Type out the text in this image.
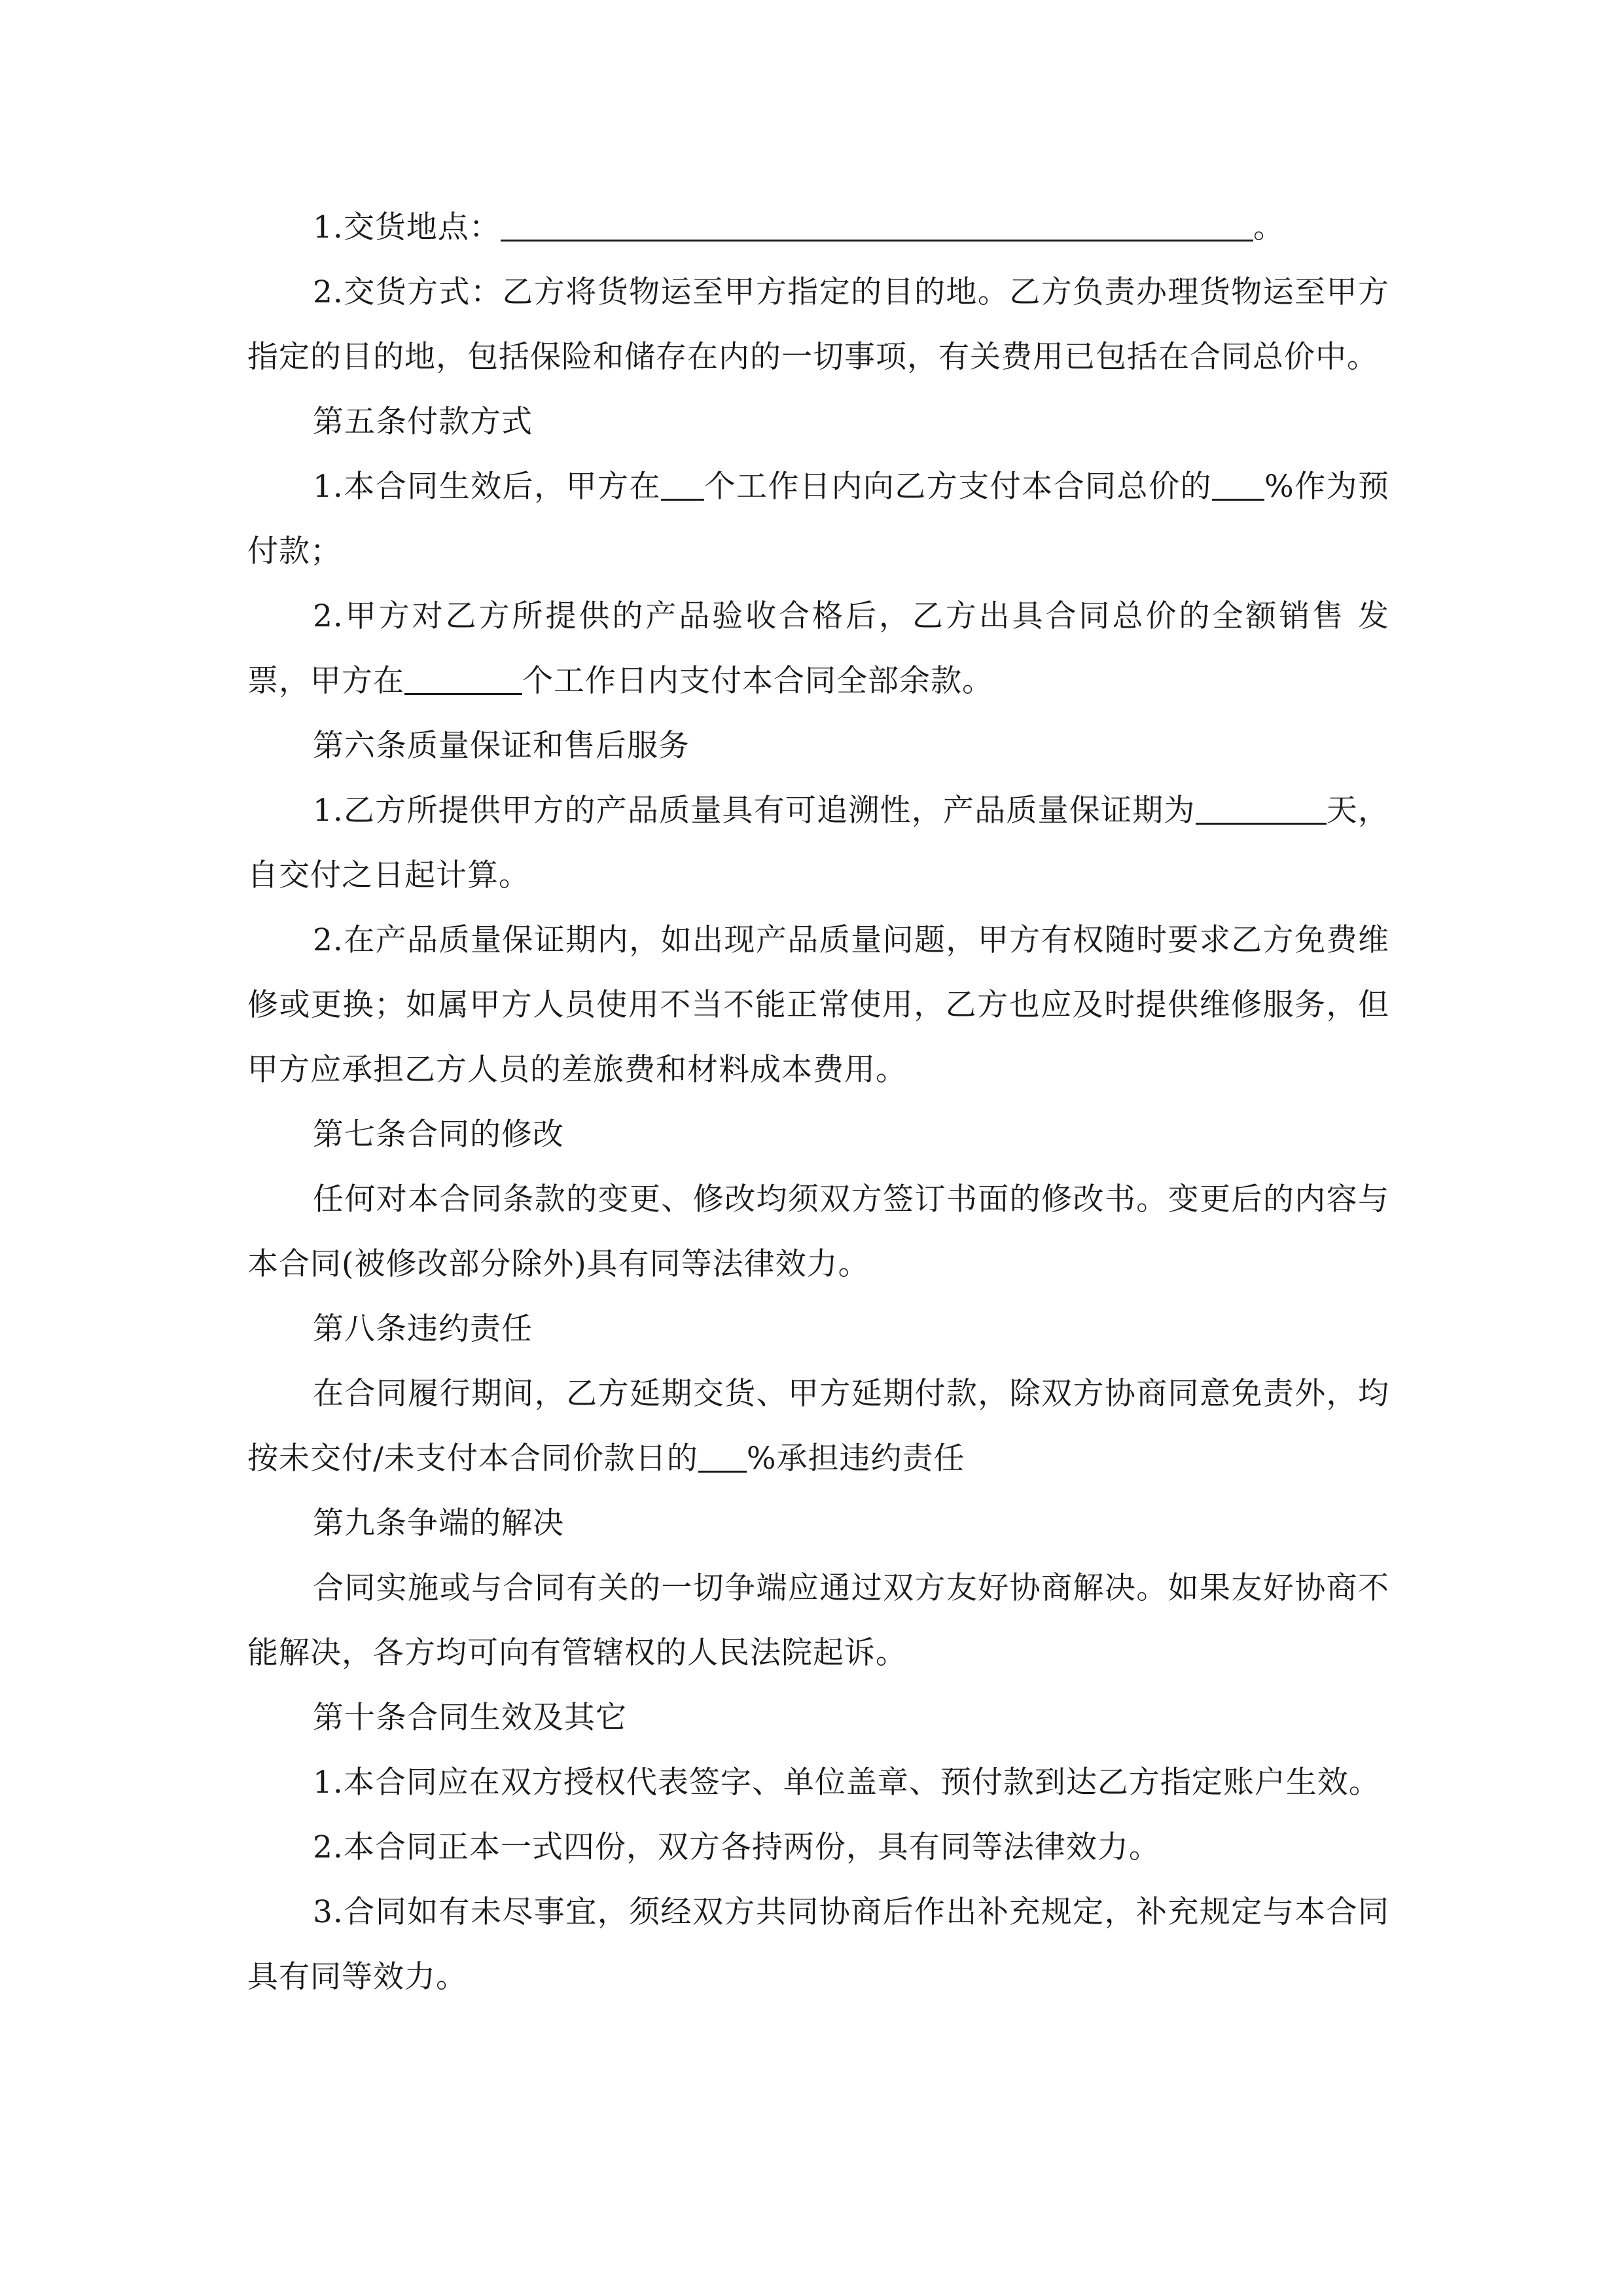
1.交货地点：	。

2.交货方式：乙方将货物运至甲方指定的目的地。乙方负责办理货物运至甲方指定的目的地，包括保险和储存在内的一切事项，有关费用已包括在合同总价中。

第五条付款方式

1.本合同生效后，甲方在 个工作日内向乙方支付本合同总价的 %作为预付款；

2.甲方对乙方所提供的产品验收合格后，乙方出具合同总价的全额销售 发票，甲方在	个工作日内支付本合同全部余款。

第六条质量保证和售后服务

1.乙方所提供甲方的产品质量具有可追溯性，产品质量保证期为	天，自交付之日起计算。

2.在产品质量保证期内，如出现产品质量问题，甲方有权随时要求乙方免费维修或更换；如属甲方人员使用不当不能正常使用，乙方也应及时提供维修服务，但甲方应承担乙方人员的差旅费和材料成本费用。

第七条合同的修改

任何对本合同条款的变更、修改均须双方签订书面的修改书。变更后的内容与本合同(被修改部分除外)具有同等法律效力。

第八条违约责任

在合同履行期间，乙方延期交货、甲方延期付款，除双方协商同意免责外，均按未交付/未支付本合同价款日的 %承担违约责任

第九条争端的解决

合同实施或与合同有关的一切争端应通过双方友好协商解决。如果友好协商不能解决，各方均可向有管辖权的人民法院起诉。

第十条合同生效及其它

1.本合同应在双方授权代表签字、单位盖章、预付款到达乙方指定账户生效。

2.本合同正本一式四份，双方各持两份，具有同等法律效力。

3.合同如有未尽事宜，须经双方共同协商后作出补充规定，补充规定与本合同具有同等效力。
